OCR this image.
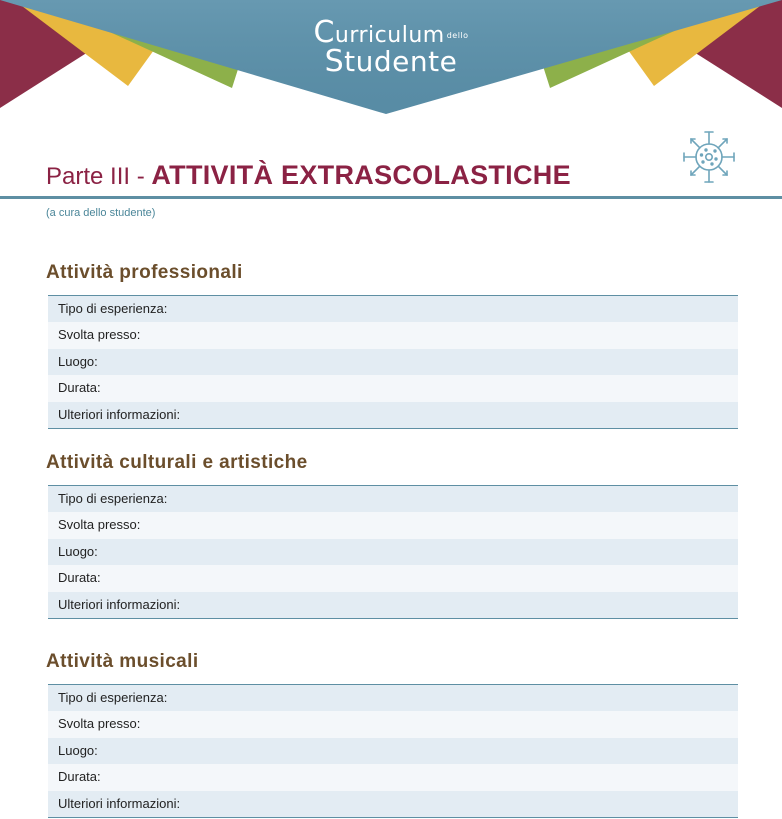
Curriculum dello
Studente
Parte III - ATTIVITÀ EXTRASCOLASTICHE
(a cura dello studente)
Attività professionali
Tipo di esperienza:
Svolta presso:
Luogo:
Durata:
Ulteriori informazioni:
Attività culturali e artistiche
Tipo di esperienza:
Svolta presso:
Luogo:
Durata:
Ulteriori informazioni:
Attività musicali
Tipo di esperienza:
Svolta presso:
Luogo:
Durata:
Ulteriori informazioni:
